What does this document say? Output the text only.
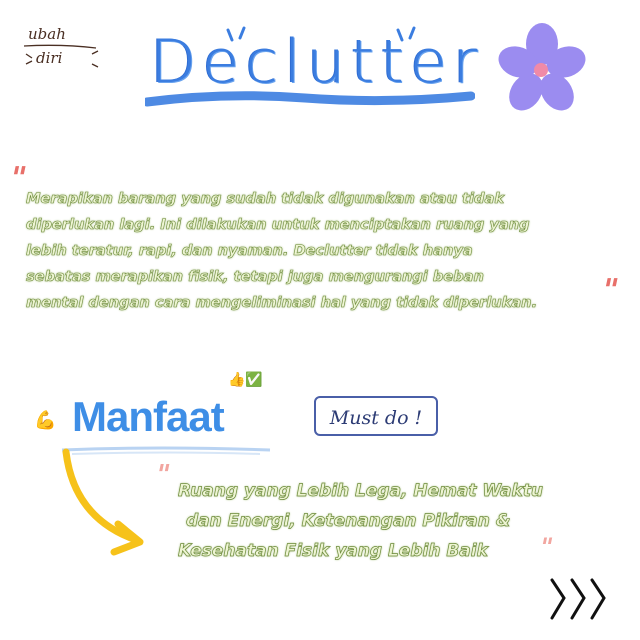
ubah
diri Declutter
"
Merapikan barang yang sudah tidak digunakan atau tidak
diperlukan lagi. Ini dilakukan untuk menciptakan ruang yang
lebih teratur, rapi, dan nyaman. Declutter tidak hanya
sebatas merapikan fisik, tetapi juga mengurangi beban
mental dengan cara mengeliminasi hal yang tidak diperlukan.	"
👍✅
💪 Manfaat	Must do !
"
Ruang yang Lebih Lega, Hemat Waktu
dan Energi, Ketenangan Pikiran &
Kesehatan Fisik yang Lebih Baik	"
